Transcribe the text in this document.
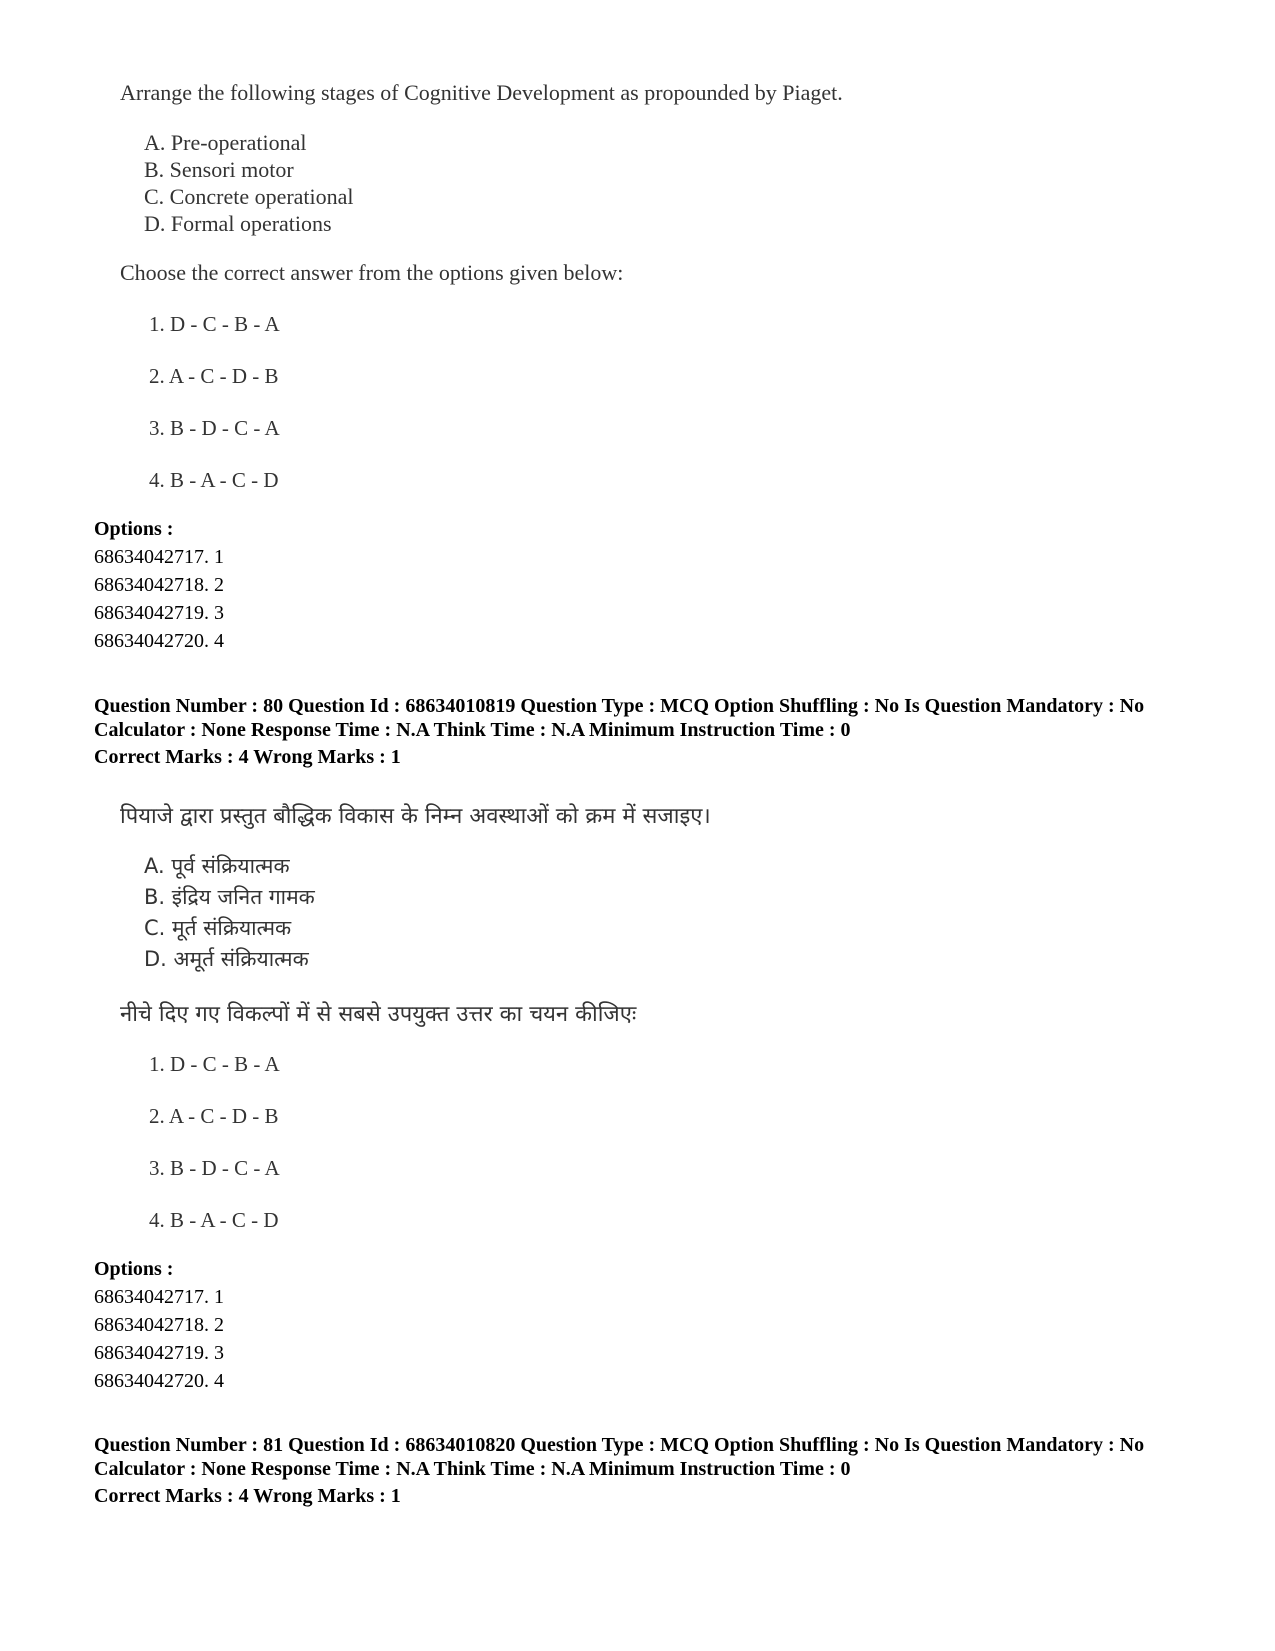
Arrange the following stages of Cognitive Development as propounded by Piaget.
A. Pre-operational
B. Sensori motor
C. Concrete operational
D. Formal operations
Choose the correct answer from the options given below:
1. D - C - B - A
2. A - C - D - B
3. B - D - C - A
4. B - A - C - D
Options :
68634042717. 1
68634042718. 2
68634042719. 3
68634042720. 4
Question Number : 80 Question Id : 68634010819 Question Type : MCQ Option Shuffling : No Is Question Mandatory : No Calculator : None Response Time : N.A Think Time : N.A Minimum Instruction Time : 0
Correct Marks : 4 Wrong Marks : 1
पियाजे द्वारा प्रस्तुत बौद्धिक विकास के निम्न अवस्थाओं को क्रम में सजाइए।
A. पूर्व संक्रियात्मक
B. इंद्रिय जनित गामक
C. मूर्त संक्रियात्मक
D. अमूर्त संक्रियात्मक
नीचे दिए गए विकल्पों में से सबसे उपयुक्त उत्तर का चयन कीजिएः
1. D - C - B - A
2. A - C - D - B
3. B - D - C - A
4. B - A - C - D
Options :
68634042717. 1
68634042718. 2
68634042719. 3
68634042720. 4
Question Number : 81 Question Id : 68634010820 Question Type : MCQ Option Shuffling : No Is Question Mandatory : No Calculator : None Response Time : N.A Think Time : N.A Minimum Instruction Time : 0
Correct Marks : 4 Wrong Marks : 1
